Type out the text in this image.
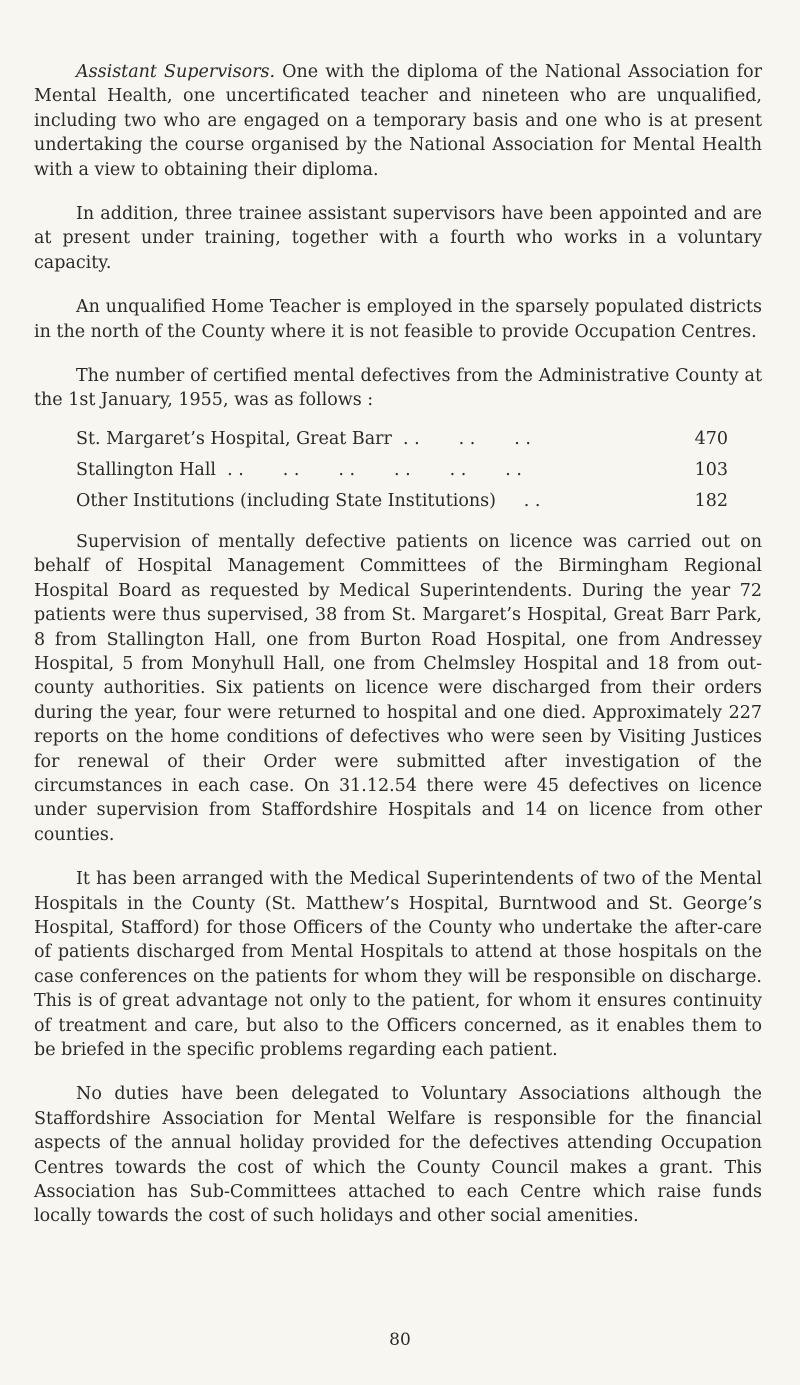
Assistant Supervisors. One with the diploma of the National Association for Mental Health, one uncertificated teacher and nineteen who are unqualified, including two who are engaged on a temporary basis and one who is at present undertaking the course organised by the National Association for Mental Health with a view to obtaining their diploma.

In addition, three trainee assistant supervisors have been appointed and are at present under training, together with a fourth who works in a voluntary capacity.

An unqualified Home Teacher is employed in the sparsely populated districts in the north of the County where it is not feasible to provide Occupation Centres.

The number of certified mental defectives from the Administrative County at the 1st January, 1955, was as follows :

St. Margaret’s Hospital, Great Barr  . .       . .       . .	470
Stallington Hall  . .       . .       . .       . .       . .       . .	103
Other Institutions (including State Institutions)     . .	182

Supervision of mentally defective patients on licence was carried out on behalf of Hospital Management Committees of the Birmingham Regional Hospital Board as requested by Medical Superintendents. During the year 72 patients were thus supervised, 38 from St. Margaret’s Hospital, Great Barr Park, 8 from Stallington Hall, one from Burton Road Hospital, one from Andressey Hospital, 5 from Monyhull Hall, one from Chelmsley Hospital and 18 from out-county authorities. Six patients on licence were discharged from their orders during the year, four were returned to hospital and one died. Approximately 227 reports on the home conditions of defectives who were seen by Visiting Justices for renewal of their Order were submitted after investigation of the circumstances in each case. On 31.12.54 there were 45 defectives on licence under supervision from Staffordshire Hospitals and 14 on licence from other counties.

It has been arranged with the Medical Superintendents of two of the Mental Hospitals in the County (St. Matthew’s Hospital, Burntwood and St. George’s Hospital, Stafford) for those Officers of the County who undertake the after-care of patients discharged from Mental Hospitals to attend at those hospitals on the case conferences on the patients for whom they will be responsible on discharge. This is of great advantage not only to the patient, for whom it ensures continuity of treatment and care, but also to the Officers concerned, as it enables them to be briefed in the specific problems regarding each patient.

No duties have been delegated to Voluntary Associations although the Staffordshire Association for Mental Welfare is responsible for the financial aspects of the annual holiday provided for the defectives attending Occupation Centres towards the cost of which the County Council makes a grant. This Association has Sub-Committees attached to each Centre which raise funds locally towards the cost of such holidays and other social amenities.

80
